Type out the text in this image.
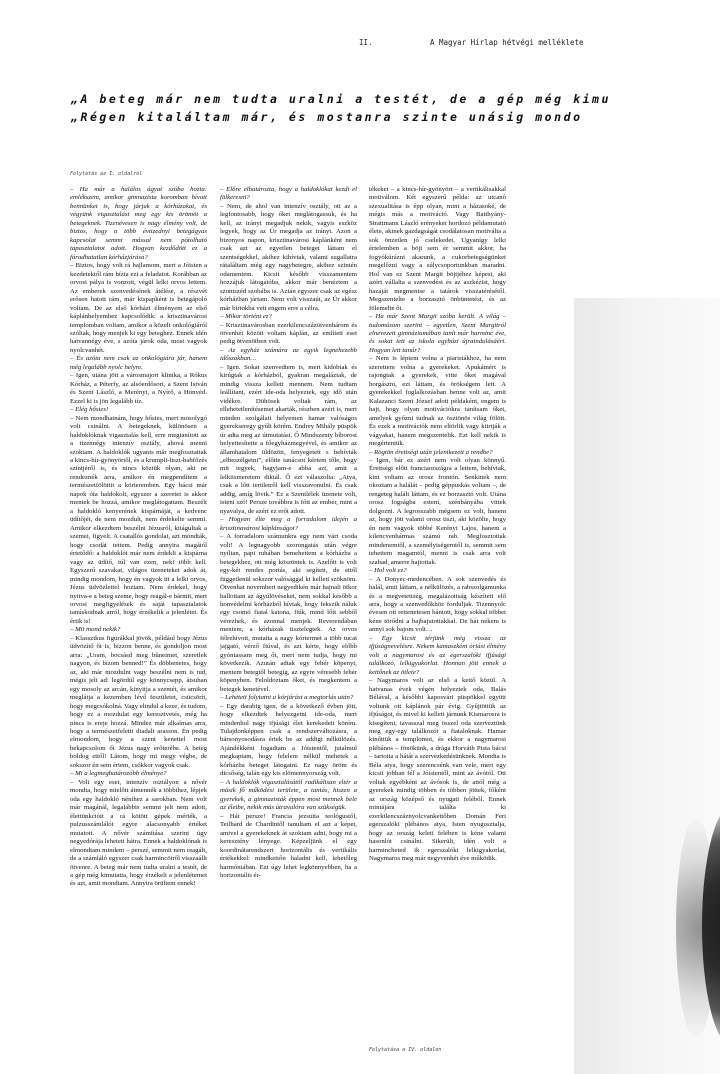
II.	A Magyar Hírlap hétvégi melléklete
„A beteg már nem tudta uralni a testét, de a gép még kimu
„Régen kitaláltam már, és mostanra szinte unásig mondo
Folytatás az I. oldalról

– Ha már a halálos ágyat szóba hozta: emlékszem, amikor gimnazista koromban hívott bennünket is, hogy járjuk a kórházakat, és végyünk vigasztalást meg egy kis örömöt a betegeknek. Tizenévesen is nagy élmény volt, de biztos, hogy a több évtizednyi betegágyas kapcsolat semmi mással nem pótolható tapasztalatot adott. Hogyan kezdődött ez a fáradhatatlan kórházjárása?

– Biztos, hogy volt rá hajlamom, mert a Jóisten a kezdetektől rám bízta ezt a feladatot. Korábban az orvosi pálya is vonzott, végül lelki orvos lettem. Az emberek szenvedésének átélése, a részvét erősen hatott rám, már kispapként is betegápoló voltam. De az első kórházi élményem az első káplánhelyemhez kapcsolódik: a krisztinavárosi templomban voltam, amikor a közeli onkológiáról szóltak, hogy menjek ki egy beteghez. Ennek idén hatvannégy éve, s azóta járok oda, most vagyok nyolcvanhét.

– És azóta nem csak az onkológiára jár, hanem még legalább nyolc helyre.

– Igen, utána jött a városmajori klinika, a Rókus Kórház, a Péterfy, az alsóerdősori, a Szent István és Szent László, a Merényi, a Nyírő, a Honvéd. Ezzel ki is jön legalább tíz.

– Elég hősies!

– Nem mondhatnám, hogy hősies, mert mosolygó volt csinálni. A betegeknek, különösen a haldoklóknak vigasztalás kell, erre megtanított az a tizennégy intenzív osztály, ahová menni szoktam. A haldoklók ugyanis már megfosztattak a kincs-hír-gyönyörtől, és a krumpli-liszt-babfőzés szintjéről is, és nincs köztük olyan, aki ne rendeznék arra, amikor én megpendítem a természetfölöttit a körteremben. Egy bácsi már napok óta haldokolt, egyszer a szeretet is akkor mentek be hozzá, amikor meglátogattam. Beszélt a haldokló kenyerének kispárnáját, a kedvenc üdítőjét, de nem mozdult, nem érdekelte semmi. Amikor elkezdtem beszélni Jézusról, kitágultak a szemei, figyelt. A csatallós gondolat, azt mondták, hogy csodát tettem. Pedig annyira magától értetődő: a haldoklót már nem érdekli a kispárna vagy az üdítő, túl van ezen, neki több kell. Egyszerű szavakat, világos üzeneteket adok át, mindig mondom, hogy én vagyok itt a lelki orvos, Jézus üdvözlettel hoztam. Nem érdekel, hogy nyitva-e a beteg szeme, hogy reagál-e bármit, mert orvosi megfigyelések és saját tapasztalatok tanúskodnak arról, hogy érzékelik a jelenlétet. És értik is!

– Mit mond nekik?

– Klasszikus figurákkal jövök, például hogy Jézus üdvözítő őt is, bízzon benne, és gondoljon most arra: „Uram, bocsásd meg bűneimet, szeretlek nagyon, és bízom benned!” És döbbenetes, hogy az, aki már mozdulni vagy beszélni nem is tud, mégis jelt ad: legördül egy könnycsepp, átsuhan egy mosoly az arcán, kinyitja a szemét, és amikor meglátja a kezemben lévő feszületet, csücsörít, hogy megcsókolná. Vagy elindul a keze, és tudom, hogy ez a mozdulat egy keresztvetés, még ha nincs is ereje hozzá. Mindez már alkalmas arra, hogy a természetfeletti diadalt arasson. Én pedig elmondom, hogy a szent kenettel most bekapcsolom őt Jézus nagy erőterébe. A beteg boldog ettől! Látom, hogy mi megy végbe, de sokszor én sem értem, csókkor vagyok csak.

– Mi a legmeghatározóbb élménye?

– Volt egy eset, intenzív osztályon a nővér mondta, hogy mielőtt átmennék a többihez, lépjek oda egy haldokló nénihez a sarokban. Nem volt már magánál, legalábbis semmi jelt nem adott, élettünkcióit a rá kötött gépek mérték, a pulzusszámlálót egyre alacsonyabb értéket mutatott. A nővér számítása szerint úgy negyedórája lehetett hátra. Ennek a haldoklónak is elmondtam mindent – perszé, semmit nem reagált, de a számláló egyszer csak harmincötről visszaállt ötvenre. A beteg már nem tudta uralni a testét, de a gép még kimutatta, hogy érzékeli a jelenlétemet és azt, amit mondtam. Annyira örültem ennek!

– Előre elhatározta, hogy a haldoklókat kezdi el fölkeresni?

– Nem, de ahol van intenzív osztály, ott az a legfontosabb, hogy őket meglátogassuk, és ha kell, az irányt megadjuk nekik, vagyis eszköz legyek, hogy az Úr megadja az irányt. Azon a bizonyos napon, krisztinavárosi káplánként nem csak azt az egyetlen beteget láttam el szentségekkel, akihez kihívtak, valami sugallatra rátaláltam még egy nagybetegre, akihez szintén odamentem. Kicsit később visszamentem hozzájuk látogatóba, akkor már benéztem a szomszéd szobába is. Aztán egyszer csak az egész kórházban jártam. Nem volt visszaút, az Úr akkor már birtokba vett engem erre a célra.

– Mikor történt ez?

– Krisztinavárosban ezerkilencszázötvenhárom és ötvenhét között voltam káplán, az említett eset pedig ötvenötben volt.

– Az egyház számára az egyik legnehezebb időszakban…

– Igen. Sokat szenvedtem is, mert kidobtak és kirúgtak a kórházból, gyakran megaláztak, de mindig vissza kellett mennem. Nem tudtam leállítani, ezért ide-oda helyeztek, egy idő után vidékre. Dühösek voltak rám, az ellehetetlenítésemet akarták, részben azért is, mert minden szolgálati helyemen hamar valóságos gyerekseregy gyűlt körém. Endrey Mihály püspök úr adta meg az útmutatást. Ő Mindszenty bíborost helyettesítette a főegyházmegyével, és amikor az államhatalom üldözött, fenyegetett s behívták „elbeszélgetni”, előtte tanácsot kértem tőle, hogy mit tegyek, hagyjam-e abba azt, amit a lelkiismeretem diktál. Ő ezt válaszolta: „Atya, csak a lőtt területről kell visszavonulni. És csak addig, amíg lövik.” Ez a Szentlélek üzenete volt, isteni szó! Persze továbbra is főtt az ember, mint a nyavalya, de azért ez erőt adott.

– Hogyan élte meg a forradalom idején a krisztinavárosi káplánságot?

– A forradalom számunkra egy nem várt csoda volt! A legnagyobb szorongatás után végre nyíltan, papi ruhában bemehettem a kórházba a betegekhez, ott még köszöntek is. Azelőtt is volt egy-két rendes portás, aki segített, de ettől függetlenül sokszor valósággal ki kellett szöknöm. Ötvenhat novemberi negyedikén már hajnali ötkor hallottam az ágyúlövéseket, nem sokkal később a honvédelmi kórházból hívtak, hogy fekszik náluk egy csomó fiatal katona, fiúk, mind lőtt sebből vérezhek, és azonnal menjek. Reverendában mentem, a kórházak tisztelegtek. Az orvos félrehívott, mutatta a nagy kórtermet a több tucat jajgató, vérző fiúval, és azt kérte, hogy előbb gyóntassam meg őt, mert nem tudja, hogy mi következik. Azután adtak egy fehér köpenyt, mentem betegtől betegig, az egyre véresebb fehér köpenyben. Feloldoztam őket, és megkentem a betegek kenetével.

– Lehetett folytatni a kórjárást a megtorlás után?

– Egy darabig igen, de a következő évben jött, hogy elkezdtek helyezgetni ide-oda, mert mindenhol nagy ifjúsági élet kerekedett körém. Tulajdonképpen csak a rendszerváltozásra, a bársonyosodásra értek be az addigi nélkülözés. Ajándékként fogadtam a Jóistentől, jutalmul megkaptam, hogy felelem nélkül mehetek a kórházba beteget látogatni. Ez nagy öröm és dicsőség, talán egy kis elömennyország volt.

– A haldoklók vigasztalásától radikálisan eltér a másik fő működési területe, a tantás, hiszen a gyerekek, a gimnazisták éppen most mennek bele az életbe, nekik más útravalóra van szükségük.

– Hát persze! Francia jezsuita teológustól, Teilhard de Chardintől tanultam el azt a képet, amivel a gyerekeknek át szoktam adni, hogy mi a keresztény lényege. Képzeljünk el egy koordinátarendszert horizontális és vertikális értékekkel: mindkettőn haladni kell, lehetőleg harmóniában. Ezt úgy lehet legkönnyebben, ha a horizontális ér-

tékeket – a kincs-hír-gyönyört – a vertikálisakkal motiválom. Két egyszerű példa: az utcanő szexualitása is épp olyan, mint a házasoké, de mégis más a motiváció. Vagy Batthyány-Strattmann László erényeket hordozó példamutató élete, akinek gazdagságát csodálatosan motiválta a sok önzetlen jó cselekedet. Ugyanígy lelki értelemben a böjt sem ér semmit akkor, ha fogyókúrázni akarunk, a cukorbetegségünket megelőzni vagy a súlycsoportunkban maradni. Hol van ez Szent Margit böjtjéhez képest, aki azért vállalta a szenvedést és az aszkézist, hogy hazáját megmentse a tatárok visszatérésétől. Megszentelte a borzasztó önbüntetést, és az fölemelte őt.

– Ha már Szent Margit szóba került. A világ – tudomásom szerint – egyetlen, Szent Margitról elnevezett gimnáziumában tanít már harminc éve, és sokat tett az iskola egyházi újraindulásáért. Hogyan lett tanár?

– Nem is léptem volna a piaristákhoz, ha nem szerettem volna a gyerekeket. Apukámért is rajongtak a gyerekek, vitte őket magával horgászni, ezt láttam, és örökségem lett. A gyerekekkel foglalkozásban benne volt az, amit Kalazanci Szent József adott példaként, engem is hajt, hogy olyan motivációkra tanítsam őket, amelyek győzni tudnak az ösztönös világ fölött. És ezek a motivációk nem eltörlik vagy kiirtják a vágyakat, hanem megszentelik. Ezt kell nekik is megérteniük.

– Rögtön érettségi után jelentkezett a rendbe?

– Igen, bár ez azért nem volt olyan könnyű. Érettségi előtt franciaországra a lettem, behívtak, kint voltam az orosz frontón. Senkinek nem okoztam a halálát – pedig géppuskás voltam –, de rengeteg halált láttam, és ez borzasztó volt. Utána orosz fogságba estem, szénbányába vittek dolgozni. A legrosszabb mégsem ez volt, hanem az, hogy jött valami orosz tiszt, aki közölte, hogy én nem vagyok többé Kerényi Lajos, hanem a kilencvenhármas számú rab. Megfosztottak mindenemtől, a személyiségemtől is, semmit sem tehettem magamtól, menni is csak arra volt szabad, amerre hajtottak.

– Hol volt ez?

– A Donyec-medencében. A sok szenvedés és halál, amit láttam, a nélkülözés, a rabszolgamunka és a megvetettség, megalázottság készített elő arra, hogy a szenvedőkhöz forduljak. Tizennyolc évesen ott rettenetesen bántott, hogy sokkal többet kéne törődni a bajbajutottakkal. De hát nekem is annyi sok bajom volt…

– Egy kicsit térjünk még vissza az ifjúságnevelésre. Nekem kamaszként óriási élmény volt a nagymarosi és az egerszalóki ifjúsági találkozó, lelkigyakorlat. Honnan jött ennek a kettőnek az ötlete?

– Nagymaros volt az első a kettő közül. A hatvanas évek végén helyeztek oda, Balás Bélával, a későbbi kaposvári püspökkel együtt voltunk ott káplánok pár évig. Gyűjtöttük az ifjúságot, és mivel ki kellett járnunk Kismarosra is kisegíteni, tavasszal meg összel oda szerveztünk meg egy-egy találkozót a fiataloknak. Hamar kinőttük a templomot, és ekkor a nagymarosi plébános – fönökünk, a drága Horváth Pista bácsi – tartotta a hátát a szervezkedésünknek. Mondta is Béla atya, hogy szerencsénk van vele, mert egy kicsit jobban fél a Jóistentől, mint az ávótól. Ott voltak egyébként az ávósok is, de attól még a gyerekek mindig többen és többen jöttek, főként az ország középső és nyugati feléből. Ennek mintájára találta ki ezerkilencszáznyolcvankettőben Domán Feri egerszalóki plébános atya, Isten nyugosztalja, hogy az ország keleti felében is kéne valami hasonlót csinálni. Sikerült, idén volt a harmincheted ik egerszalóki lelkigyakorlat, Nagymaros meg már negyvenhét éve működik.

Folytatása a IV. oldalon
